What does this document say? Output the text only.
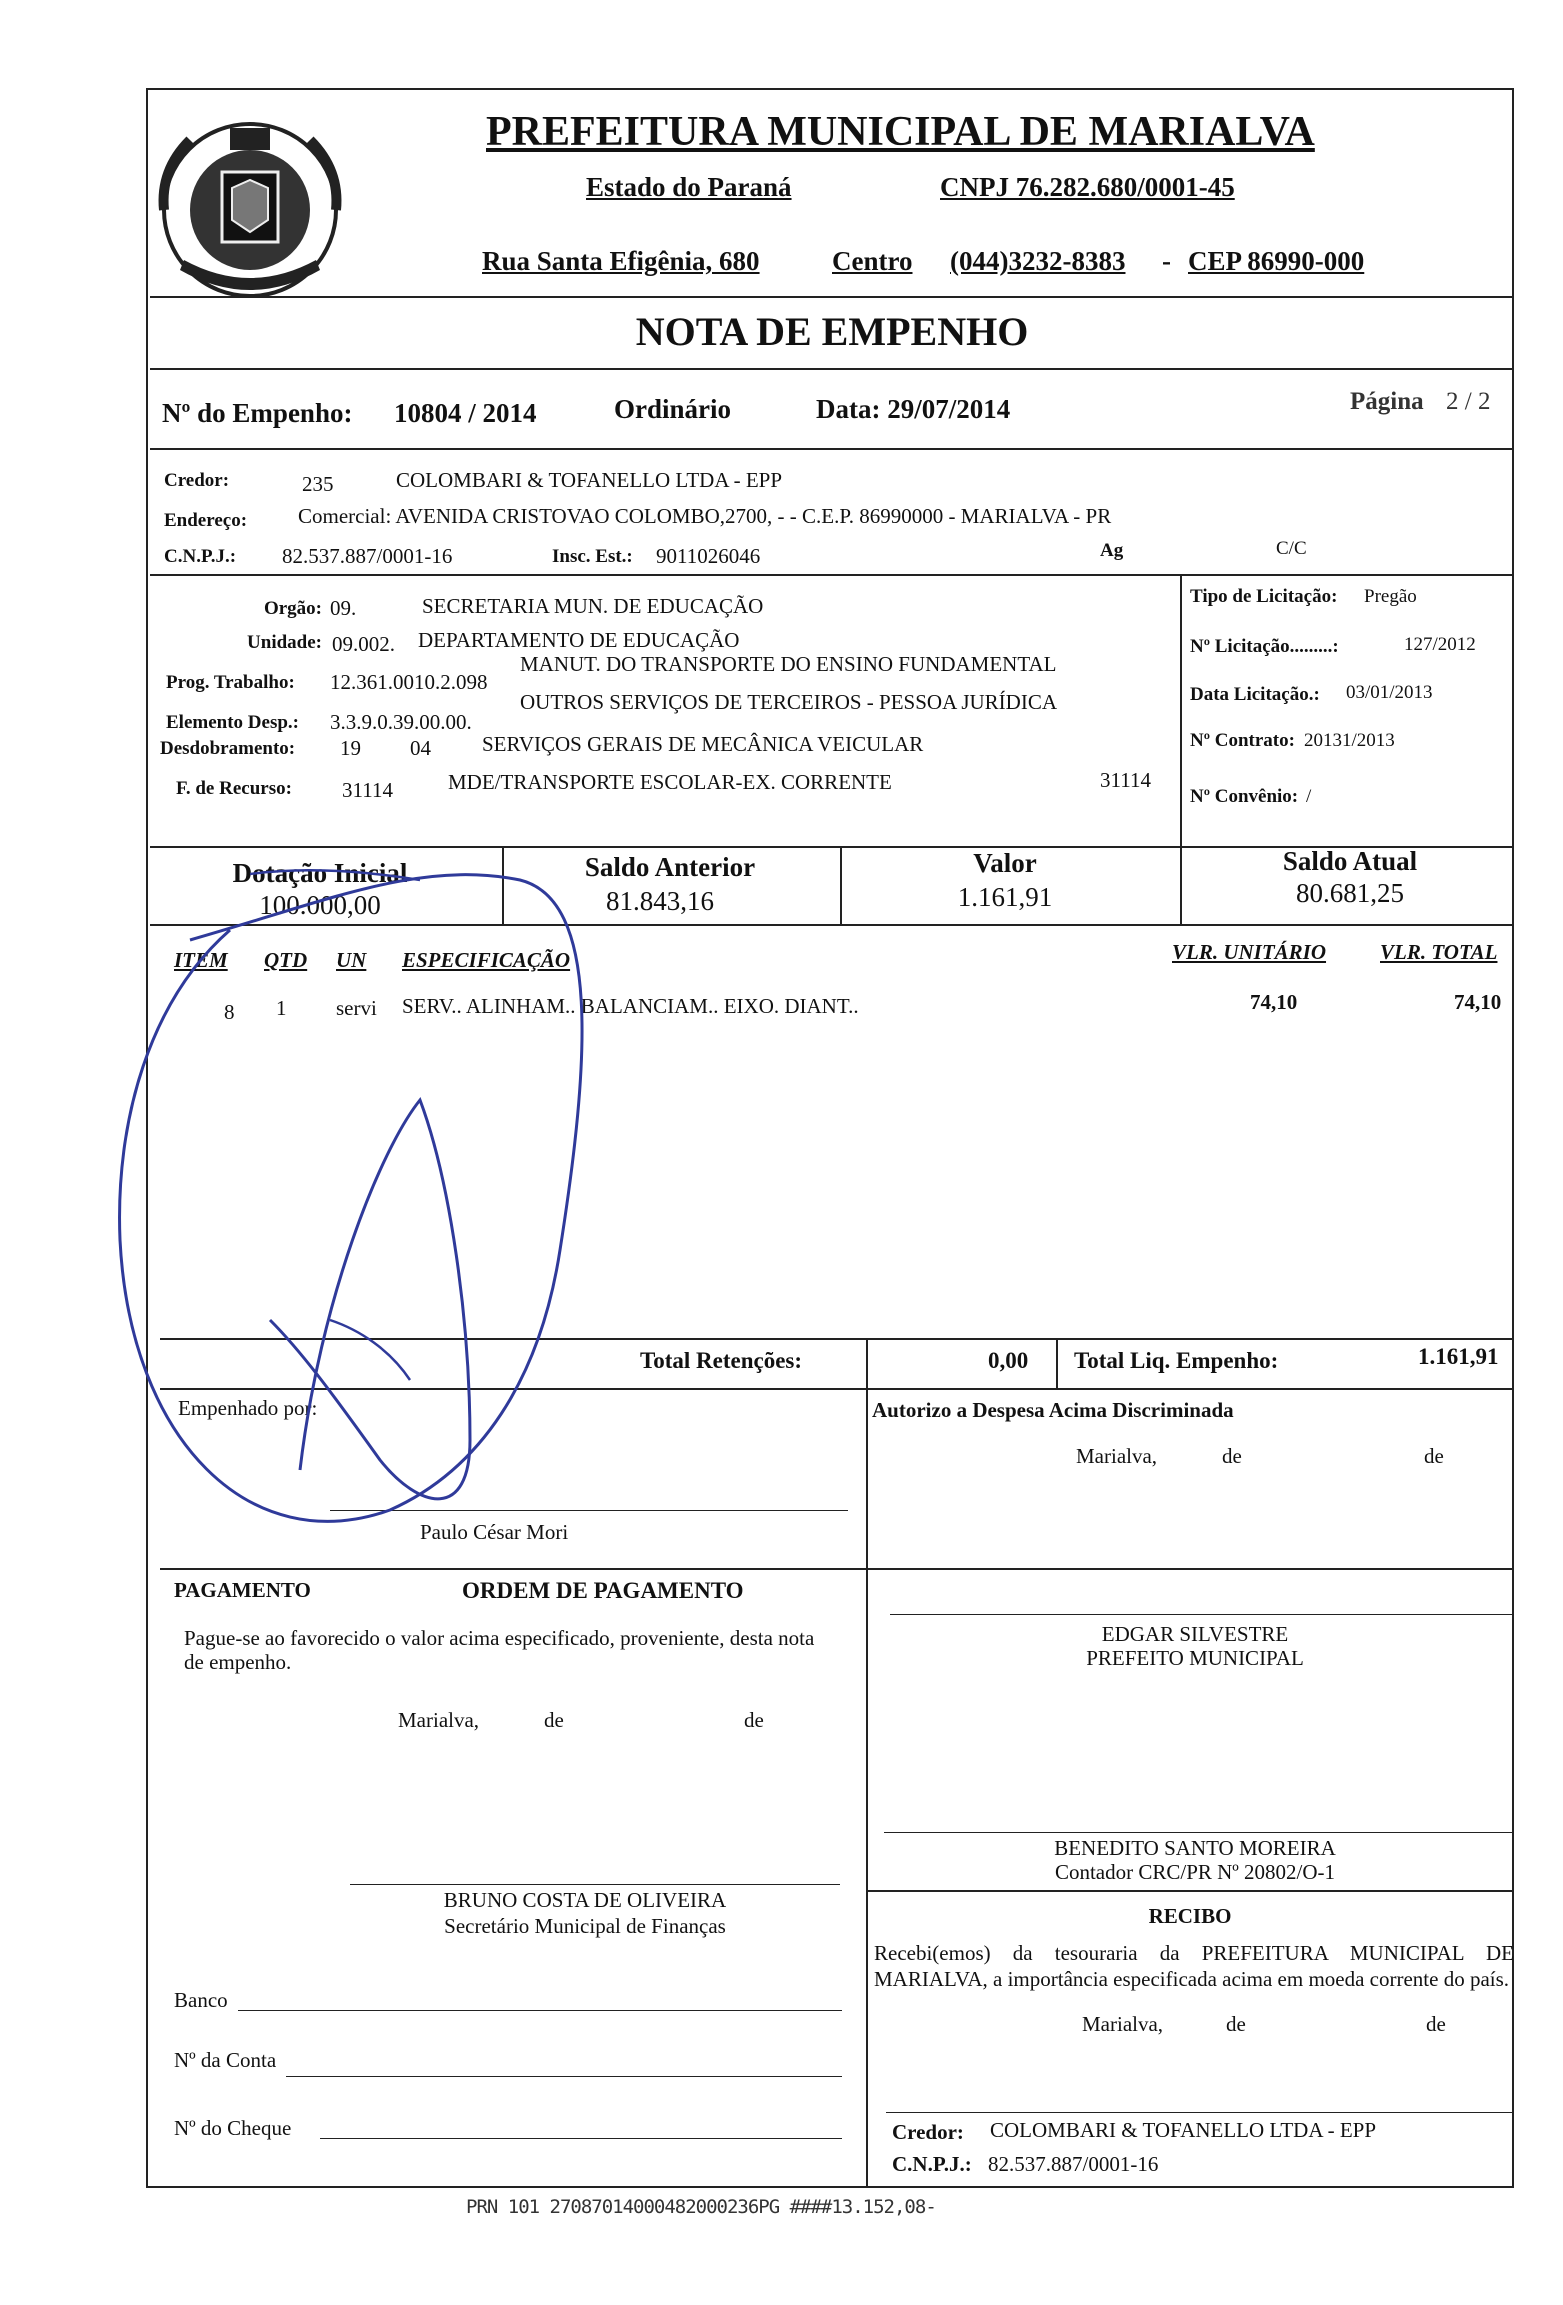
PREFEITURA MUNICIPAL DE MARIALVA
Estado do Paraná	CNPJ 76.282.680/0001-45
Rua Santa Efigênia, 680	Centro (044)3232-8383 - CEP 86990-000
NOTA DE EMPENHO
Nº do Empenho: 10804 / 2014	Ordinário	Data: 29/07/2014	Página 2 / 2
Credor:	235	COLOMBARI & TOFANELLO LTDA - EPP
Endereço: Comercial: AVENIDA CRISTOVAO COLOMBO,2700, - - C.E.P. 86990000 - MARIALVA - PR
C.N.P.J.: 82.537.887/0001-16	Insc. Est.: 9011026046	Ag	C/C
Orgão: 09.	SECRETARIA MUN. DE EDUCAÇÃO
Unidade: 09.002. DEPARTAMENTO DE EDUCAÇÃO
Prog. Trabalho: 12.361.0010.2.098
MANUT. DO TRANSPORTE DO ENSINO FUNDAMENTAL
Elemento Desp.: 3.3.9.0.39.00.00.
OUTROS SERVIÇOS DE TERCEIROS - PESSOA JURÍDICA
Desdobramento: 19 04 SERVIÇOS GERAIS DE MECÂNICA VEICULAR
F. de Recurso: 31114	MDE/TRANSPORTE ESCOLAR-EX. CORRENTE	31114
Tipo de Licitação: Pregão
Nº Licitação.........:	127/2012
Data Licitação.: 03/01/2013
Nº Contrato: 20131/2013
Nº Convênio: /
Dotação Inicial
100.000,00
Saldo Anterior
81.843,16
Valor
1.161,91
Saldo Atual
80.681,25
ITEM QTD UN ESPECIFICAÇÃO	VLR. UNITÁRIO	VLR. TOTAL
8 1 servi SERV.. ALINHAM.. BALANCIAM.. EIXO. DIANT..	74,10	74,10
Total Retenções:	0,00 Total Liq. Empenho:	1.161,91
Empenhado por:
Paulo César Mori
Autorizo a Despesa Acima Discriminada
Marialva,	de	de
PAGAMENTO	ORDEM DE PAGAMENTO
Pague-se ao favorecido o valor acima especificado, proveniente, desta nota de empenho.
Marialva,	de	de
BRUNO COSTA DE OLIVEIRA
Secretário Municipal de Finanças
Banco
Nº da Conta
Nº do Cheque
EDGAR SILVESTRE
PREFEITO MUNICIPAL
BENEDITO SANTO MOREIRA
Contador CRC/PR Nº 20802/O-1
RECIBO
Recebi(emos) da tesouraria da PREFEITURA MUNICIPAL DE MARIALVA, a importância especificada acima em moeda corrente do país.
Marialva,	de	de
Credor: COLOMBARI & TOFANELLO LTDA - EPP
C.N.P.J.: 82.537.887/0001-16
PRN 101 27087014000482000236PG ####13.152,08-
